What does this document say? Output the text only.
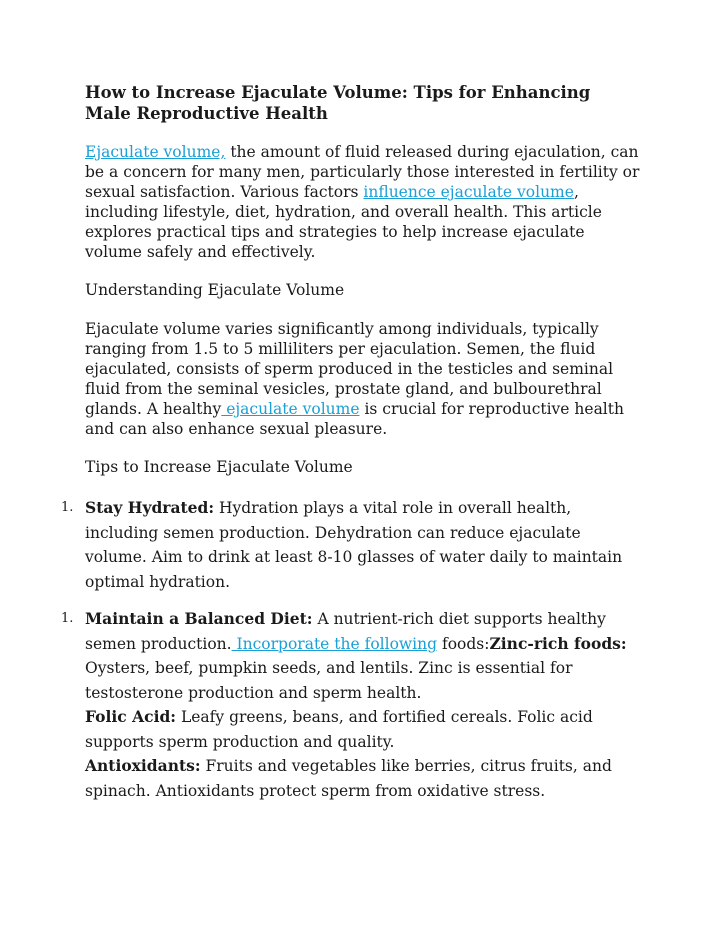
How to Increase Ejaculate Volume: Tips for Enhancing Male Reproductive Health

Ejaculate volume, the amount of fluid released during ejaculation, can be a concern for many men, particularly those interested in fertility or sexual satisfaction. Various factors influence ejaculate volume, including lifestyle, diet, hydration, and overall health. This article explores practical tips and strategies to help increase ejaculate volume safely and effectively.

Understanding Ejaculate Volume

Ejaculate volume varies significantly among individuals, typically ranging from 1.5 to 5 milliliters per ejaculation. Semen, the fluid ejaculated, consists of sperm produced in the testicles and seminal fluid from the seminal vesicles, prostate gland, and bulbourethral glands. A healthy ejaculate volume is crucial for reproductive health and can also enhance sexual pleasure.

Tips to Increase Ejaculate Volume

1. Stay Hydrated: Hydration plays a vital role in overall health, including semen production. Dehydration can reduce ejaculate volume. Aim to drink at least 8-10 glasses of water daily to maintain optimal hydration.
1. Maintain a Balanced Diet: A nutrient-rich diet supports healthy semen production. Incorporate the following foods:Zinc-rich foods: Oysters, beef, pumpkin seeds, and lentils. Zinc is essential for testosterone production and sperm health.
Folic Acid: Leafy greens, beans, and fortified cereals. Folic acid supports sperm production and quality.
Antioxidants: Fruits and vegetables like berries, citrus fruits, and spinach. Antioxidants protect sperm from oxidative stress.
